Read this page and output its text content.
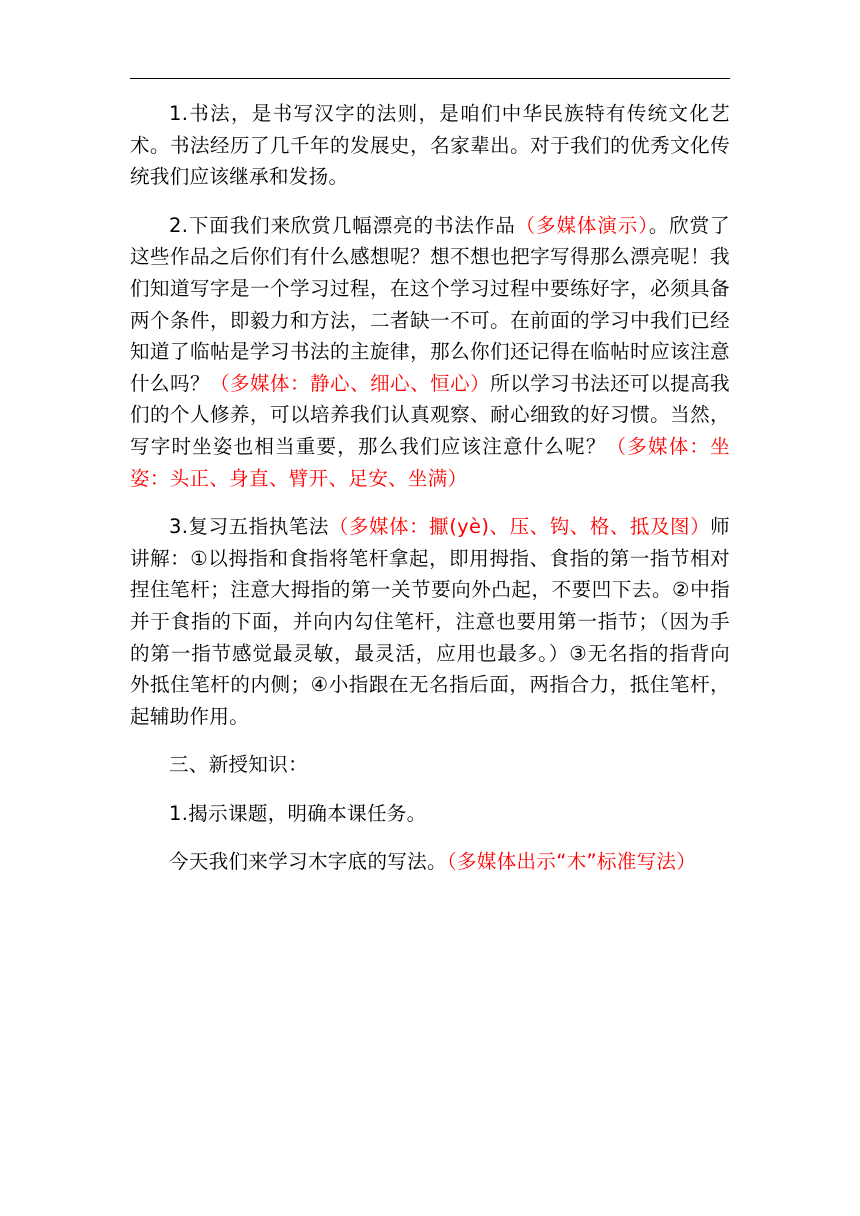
1.书法，是书写汉字的法则，是咱们中华民族特有传统文化艺术。书法经历了几千年的发展史，名家辈出。对于我们的优秀文化传统我们应该继承和发扬。

2.下面我们来欣赏几幅漂亮的书法作品（多媒体演示）。欣赏了这些作品之后你们有什么感想呢？想不想也把字写得那么漂亮呢！我们知道写字是一个学习过程，在这个学习过程中要练好字，必须具备两个条件，即毅力和方法，二者缺一不可。在前面的学习中我们已经知道了临帖是学习书法的主旋律，那么你们还记得在临帖时应该注意什么吗？（多媒体：静心、细心、恒心）所以学习书法还可以提高我们的个人修养，可以培养我们认真观察、耐心细致的好习惯。当然，写字时坐姿也相当重要，那么我们应该注意什么呢？（多媒体：坐姿：头正、身直、臂开、足安、坐满）

3.复习五指执笔法（多媒体：擫(yè)、压、钩、格、抵及图）师讲解：①以拇指和食指将笔杆拿起，即用拇指、食指的第一指节相对捏住笔杆；注意大拇指的第一关节要向外凸起，不要凹下去。②中指并于食指的下面，并向内勾住笔杆，注意也要用第一指节；（因为手的第一指节感觉最灵敏，最灵活，应用也最多。）③无名指的指背向外抵住笔杆的内侧；④小指跟在无名指后面，两指合力，抵住笔杆，起辅助作用。

三、新授知识：

1.揭示课题，明确本课任务。

今天我们来学习木字底的写法。（多媒体出示“木”标准写法）
